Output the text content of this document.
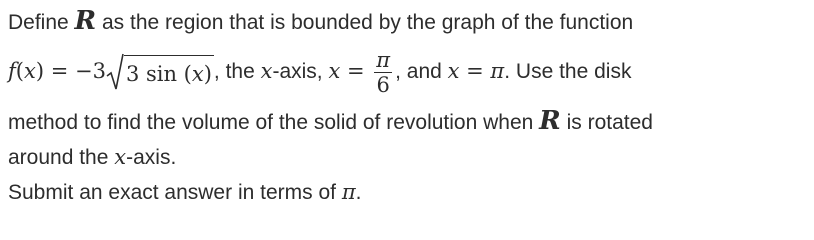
Define R as the region that is bounded by the graph of the function
f(x) = −3 3 sin (x), the x-axis, $x = \frac{\pi}{6}$ , and x = π. Use the disk
method to find the volume of the solid of revolution when R is rotated
around the x-axis.
Submit an exact answer in terms of π.
